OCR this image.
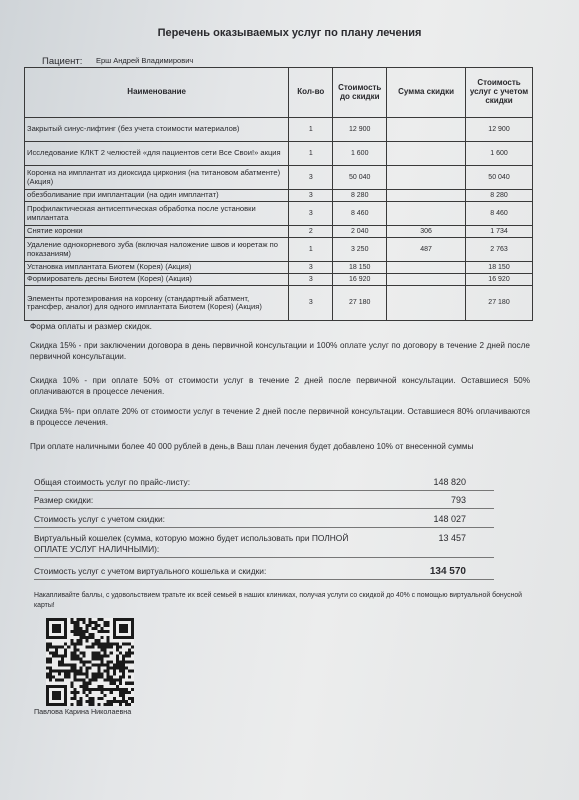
Перечень оказываемых услуг по плану лечения
Пациент: Ерш Андрей Владимирович
Наименование	Кол-во	Стоимость до скидки	Сумма скидки	Стоимость услуг с учетом скидки
Закрытый синус-лифтинг (без учета стоимости материалов)	1	12 900		12 900
Исследование КЛКТ 2 челюстей «для пациентов сети Все Свои!» акция	1	1 600		1 600
Коронка на имплантат из диоксида циркония (на титановом абатменте) (Акция)	3	50 040		50 040
обезболивание при имплантации (на один имплантат)	3	8 280		8 280
Профилактическая антисептическая обработка после установки имплантата	3	8 460		8 460
Снятие коронки	2	2 040	306	1 734
Удаление однокорневого зуба (включая наложение швов и кюретаж по показаниям)	1	3 250	487	2 763
Установка имплантата Биотем (Корея) (Акция)	3	18 150		18 150
Формирователь десны Биотем (Корея) (Акция)	3	16 920		16 920
Элементы протезирования на коронку (стандартный абатмент, трансфер, аналог) для одного имплантата Биотем (Корея) (Акция)	3	27 180		27 180
Форма оплаты и размер скидок.
Скидка 15% - при заключении договора в день первичной консультации и 100% оплате услуг по договору в течение 2 дней после первичной консультации.
Скидка 10% - при оплате 50% от стоимости услуг в течение 2 дней после первичной консультации. Оставшиеся 50% оплачиваются в процессе лечения.
Скидка 5%- при оплате 20% от стоимости услуг в течение 2 дней после первичной консультации. Оставшиеся 80% оплачиваются в процессе лечения.
При оплате наличными более 40 000 рублей в день,в Ваш план лечения будет добавлено 10% от внесенной суммы
Общая стоимость услуг по прайс-листу:	148 820
Размер скидки:	793
Стоимость услуг с учетом скидки:	148 027
Виртуальный кошелек (сумма, которую можно будет использовать при ПОЛНОЙ ОПЛАТЕ УСЛУГ НАЛИЧНЫМИ):
13 457
Стоимость услуг с учетом виртуального кошелька и скидки:	134 570
Накапливайте баллы, с удовольствием тратьте их всей семьей в наших клиниках, получая услуги со скидкой до 40% с помощью виртуальной бонусной карты!
Павлова Карина Николаевна
